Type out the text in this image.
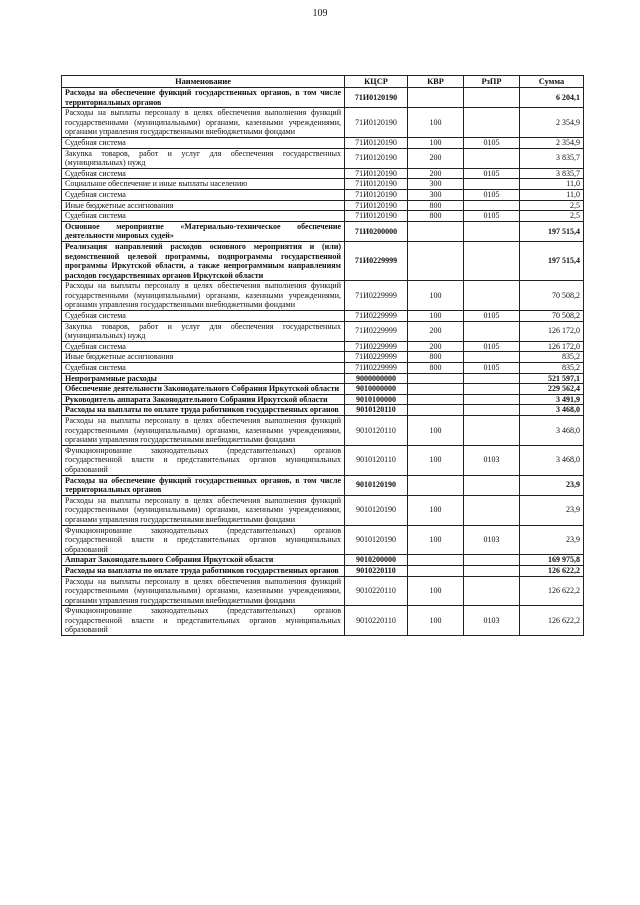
109
Наименование	КЦСР	КВР	РзПР	Сумма
Расходы на обеспечение функций государственных органов, в том числе территориальных органов	71И0120190			6 204,1
Расходы на выплаты персоналу в целях обеспечения выполнения функций государственными (муниципальными) органами, казенными учреждениями, органами управления государственными внебюджетными фондами	71И0120190	100		2 354,9
Судебная система	71И0120190	100	0105	2 354,9
Закупка товаров, работ и услуг для обеспечения государственных (муниципальных) нужд	71И0120190	200		3 835,7
Судебная система	71И0120190	200	0105	3 835,7
Социальное обеспечение и иные выплаты населению	71И0120190	300		11,0
Судебная система	71И0120190	300	0105	11,0
Иные бюджетные ассигнования	71И0120190	800		2,5
Судебная система	71И0120190	800	0105	2,5
Основное мероприятие «Материально-техническое обеспечение деятельности мировых судей»	71И0200000			197 515,4
Реализация направлений расходов основного мероприятия и (или) ведомственной целевой программы, подпрограммы государственной программы Иркутской области, а также непрограммным направлениям расходов государственных органов Иркутской области	71И0229999			197 515,4
Расходы на выплаты персоналу в целях обеспечения выполнения функций государственными (муниципальными) органами, казенными учреждениями, органами управления государственными внебюджетными фондами	71И0229999	100		70 508,2
Судебная система	71И0229999	100	0105	70 508,2
Закупка товаров, работ и услуг для обеспечения государственных (муниципальных) нужд	71И0229999	200		126 172,0
Судебная система	71И0229999	200	0105	126 172,0
Иные бюджетные ассигнования	71И0229999	800		835,2
Судебная система	71И0229999	800	0105	835,2
Непрограммные расходы	9000000000			521 597,1
Обеспечение деятельности Законодательного Собрания Иркутской области	9010000000			229 562,4
Руководитель аппарата Законодательного Собрания Иркутской области	9010100000			3 491,9
Расходы на выплаты по оплате труда работников государственных органов	9010120110			3 468,0
Расходы на выплаты персоналу в целях обеспечения выполнения функций государственными (муниципальными) органами, казенными учреждениями, органами управления государственными внебюджетными фондами	9010120110	100		3 468,0
Функционирование законодательных (представительных) органов государственной власти и представительных органов муниципальных образований	9010120110	100	0103	3 468,0
Расходы на обеспечение функций государственных органов, в том числе территориальных органов	9010120190			23,9
Расходы на выплаты персоналу в целях обеспечения выполнения функций государственными (муниципальными) органами, казенными учреждениями, органами управления государственными внебюджетными фондами	9010120190	100		23,9
Функционирование законодательных (представительных) органов государственной власти и представительных органов муниципальных образований	9010120190	100	0103	23,9
Аппарат Законодательного Собрания Иркутской области	9010200000			169 975,8
Расходы на выплаты по оплате труда работников государственных органов	9010220110			126 622,2
Расходы на выплаты персоналу в целях обеспечения выполнения функций государственными (муниципальными) органами, казенными учреждениями, органами управления государственными внебюджетными фондами	9010220110	100		126 622,2
Функционирование законодательных (представительных) органов государственной власти и представительных органов муниципальных образований	9010220110	100	0103	126 622,2
